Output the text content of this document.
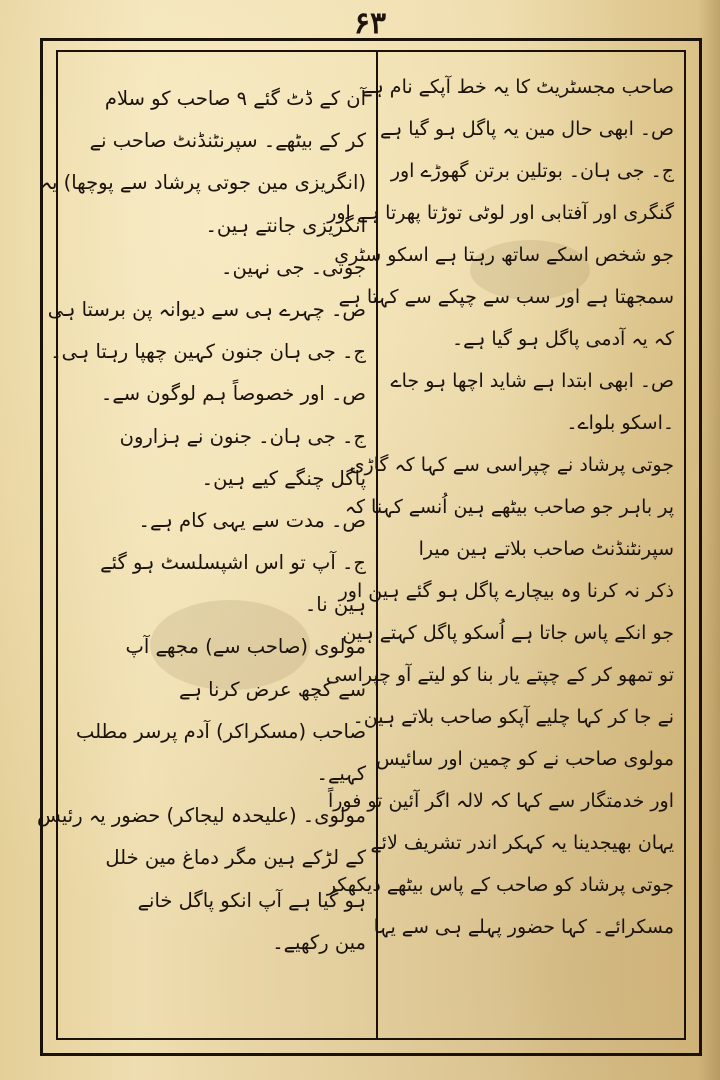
۶۳
صاحب مجسٹریٹ کا یہ خط آپکے نام ہے
ص۔ ابھی حال مین یہ پاگل ہو گیا ہے
ج۔ جی ہان۔ بوتلین برتن گھوڑے اور
گنگری اور آفتابی اور لوٹی توڑتا پھرتا ہے اور
جو شخص اسکے ساتھ رہتا ہے اسکو سٹری
سمجھتا ہے اور سب سے چپکے سے کہتا ہے
کہ یہ آدمی پاگل ہو گیا ہے۔
ص۔ ابھی ابتدا ہے شاید اچھا ہو جاے
۔اسکو بلواے۔
جوتی پرشاد نے چپراسی سے کہا کہ گاڑی
پر باہر جو صاحب بیٹھے ہین اُنسے کہنا کہ
سپرنٹنڈنٹ صاحب بلاتے ہین میرا
ذکر نہ کرنا وہ بیچارے پاگل ہو گئے ہین اور
جو انکے پاس جاتا ہے اُسکو پاگل کہتے ہین
تو تمھو کر کے چپتے یار بنا کو لیتے آو چپراسی
نے جا کر کہا چلیے آپکو صاحب بلاتے ہین۔
مولوی صاحب نے کو چمین اور سائیس
اور خدمتگار سے کہا کہ لالہ اگر آئین تو فوراً
یہان بھیجدینا یہ کہکر اندر تشریف لائے
جوتی پرشاد کو صاحب کے پاس بیٹھے دیکھکر
مسکرائے۔ کہا حضور پہلے ہی سے یہا
آن کے ڈٹ گئے ۹ صاحب کو سلام
کر کے بیٹھے۔ سپرنٹنڈنٹ صاحب نے
(انگریزی مین جوتی پرشاد سے پوچھا) یہ
انگریزی جانتے ہین۔
جوتی۔ جی نہین۔
ص۔ چہرے ہی سے دیوانہ پن برستا ہی
ج۔ جی ہان جنون کہین چھپا رہتا ہی۔
ص۔ اور خصوصاً ہم لوگون سے۔
ج۔ جی ہان۔ جنون نے ہزارون
پاگل چنگے کیے ہین۔
ص۔ مدت سے یہی کام ہے۔
ج۔ آپ تو اس اشپسلسٹ ہو گئے
ہین نا۔
مولوی (صاحب سے) مجھے آپ
سے کچھ عرض کرنا ہے
صاحب (مسکراکر) آدم پرسر مطلب
کہیے۔
مولوی۔ (علیحدہ لیجاکر) حضور یہ رئیس
کے لڑکے ہین مگر دماغ مین خلل
ہو گیا ہے آپ انکو پاگل خانے
مین رکھیے۔
